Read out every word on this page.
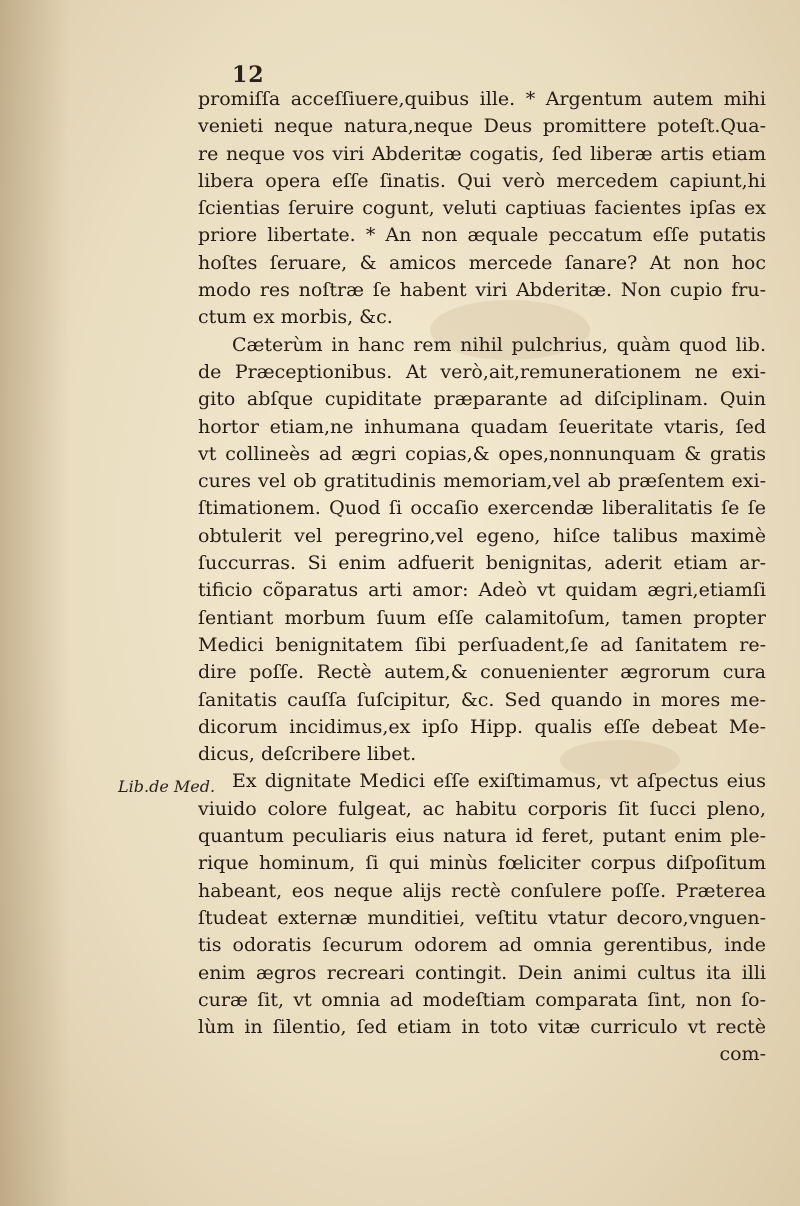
12
Lib.de Med.
promiſſa acceſſiuere,quibus ille. * Argentum autem mihi
venieti neque natura,neque Deus promittere poteſt.Qua-
re neque vos viri Abderitæ cogatis, ſed liberæ artis etiam
libera opera eſſe ſinatis. Qui verò mercedem capiunt,hi
ſcientias ſeruire cogunt, veluti captiuas facientes ipſas ex
priore libertate. * An non æquale peccatum eſſe putatis
hoſtes ſeruare, & amicos mercede ſanare? At non hoc
modo res noſtræ ſe habent viri Abderitæ. Non cupio fru-
ctum ex morbis, &c.
Cæterùm in hanc rem nihil pulchrius, quàm quod lib.
de Præceptionibus. At verò,ait,remunerationem ne exi-
gito abſque cupiditate præparante ad diſciplinam. Quin
hortor etiam,ne inhumana quadam ſeueritate vtaris, ſed
vt collineès ad ægri copias,& opes,nonnunquam & gratis
cures vel ob gratitudinis memoriam,vel ab præſentem exi-
ſtimationem. Quod ſi occaſio exercendæ liberalitatis ſe ſe
obtulerit vel peregrino,vel egeno, hiſce talibus maximè
ſuccurras. Si enim adfuerit benignitas, aderit etiam ar-
tificio cõparatus arti amor: Adeò vt quidam ægri,etiamſi
ſentiant morbum ſuum eſſe calamitoſum, tamen propter
Medici benignitatem ſibi perſuadent,ſe ad ſanitatem re-
dire poſſe. Rectè autem,& conuenienter ægrorum cura
ſanitatis cauſſa ſuſcipitur, &c. Sed quando in mores me-
dicorum incidimus,ex ipſo Hipp. qualis eſſe debeat Me-
dicus, deſcribere libet.
Ex dignitate Medici eſſe exiſtimamus, vt aſpectus eius
viuido colore fulgeat, ac habitu corporis ſit ſucci pleno,
quantum peculiaris eius natura id feret, putant enim ple-
rique hominum, ſi qui minùs fœliciter corpus diſpoſitum
habeant, eos neque alijs rectè conſulere poſſe. Præterea
ſtudeat externæ munditiei, veſtitu vtatur decoro,vnguen-
tis odoratis ſecurum odorem ad omnia gerentibus, inde
enim ægros recreari contingit. Dein animi cultus ita illi
curæ ſit, vt omnia ad modeſtiam comparata ſint, non ſo-
lùm in ſilentio, ſed etiam in toto vitæ curriculo vt rectè
com-
